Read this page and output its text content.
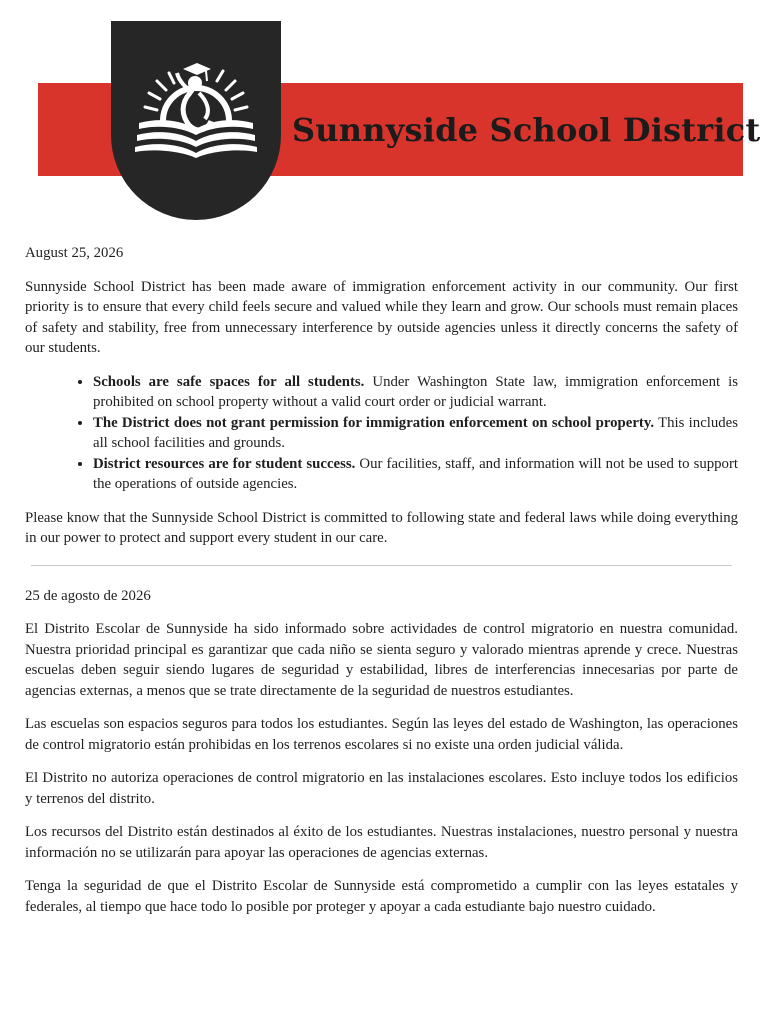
Sunnyside School District

August 25, 2026

Sunnyside School District has been made aware of immigration enforcement activity in our community. Our first priority is to ensure that every child feels secure and valued while they learn and grow. Our schools must remain places of safety and stability, free from unnecessary interference by outside agencies unless it directly concerns the safety of our students.

• Schools are safe spaces for all students. Under Washington State law, immigration enforcement is prohibited on school property without a valid court order or judicial warrant.
• The District does not grant permission for immigration enforcement on school property. This includes all school facilities and grounds.
• District resources are for student success. Our facilities, staff, and information will not be used to support the operations of outside agencies.

Please know that the Sunnyside School District is committed to following state and federal laws while doing everything in our power to protect and support every student in our care.

25 de agosto de 2026

El Distrito Escolar de Sunnyside ha sido informado sobre actividades de control migratorio en nuestra comunidad. Nuestra prioridad principal es garantizar que cada niño se sienta seguro y valorado mientras aprende y crece. Nuestras escuelas deben seguir siendo lugares de seguridad y estabilidad, libres de interferencias innecesarias por parte de agencias externas, a menos que se trate directamente de la seguridad de nuestros estudiantes.

Las escuelas son espacios seguros para todos los estudiantes. Según las leyes del estado de Washington, las operaciones de control migratorio están prohibidas en los terrenos escolares si no existe una orden judicial válida.

El Distrito no autoriza operaciones de control migratorio en las instalaciones escolares. Esto incluye todos los edificios y terrenos del distrito.

Los recursos del Distrito están destinados al éxito de los estudiantes. Nuestras instalaciones, nuestro personal y nuestra información no se utilizarán para apoyar las operaciones de agencias externas.

Tenga la seguridad de que el Distrito Escolar de Sunnyside está comprometido a cumplir con las leyes estatales y federales, al tiempo que hace todo lo posible por proteger y apoyar a cada estudiante bajo nuestro cuidado.
